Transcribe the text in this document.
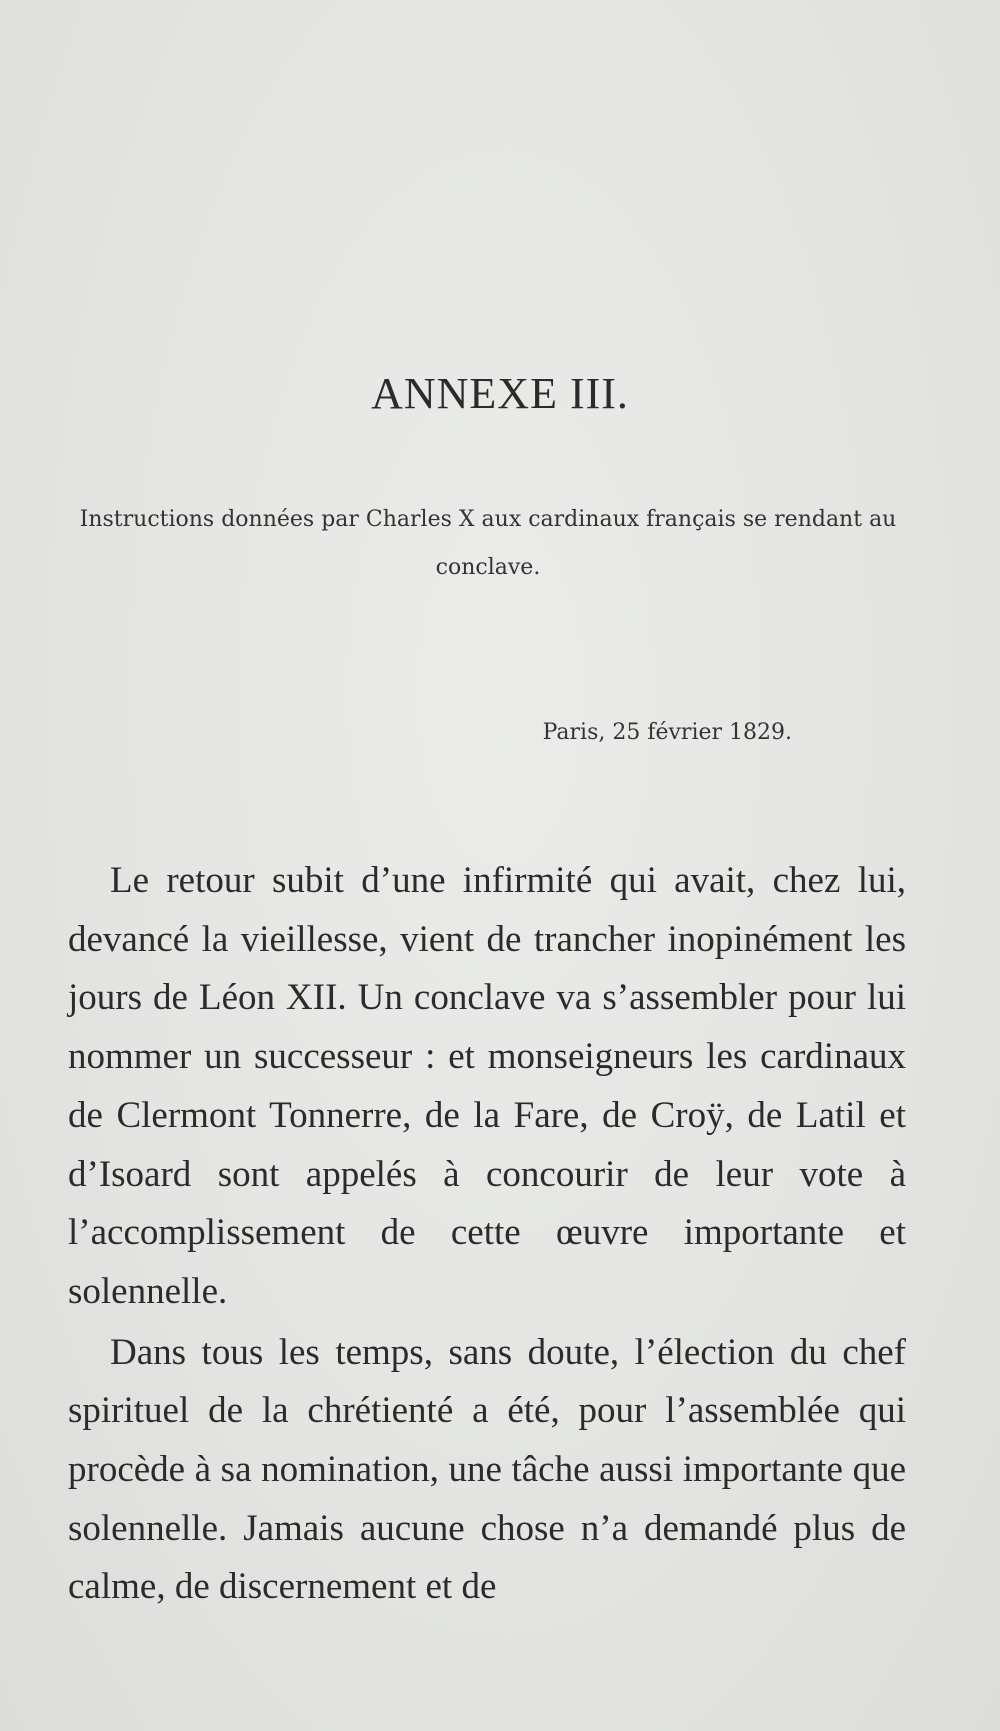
ANNEXE III.
Instructions données par Charles X aux cardinaux français se rendant au conclave.
Paris, 25 février 1829.

Le retour subit d’une infirmité qui avait, chez lui, devancé la vieillesse, vient de trancher inopinément les jours de Léon XII. Un conclave va s’assembler pour lui nommer un successeur : et monseigneurs les cardinaux de Clermont Tonnerre, de la Fare, de Croÿ, de Latil et d’Isoard sont appelés à concourir de leur vote à l’accomplissement de cette œuvre importante et solennelle.

Dans tous les temps, sans doute, l’élection du chef spirituel de la chrétienté a été, pour l’assemblée qui procède à sa nomination, une tâche aussi importante que solennelle. Jamais aucune chose n’a demandé plus de calme, de discernement et de
